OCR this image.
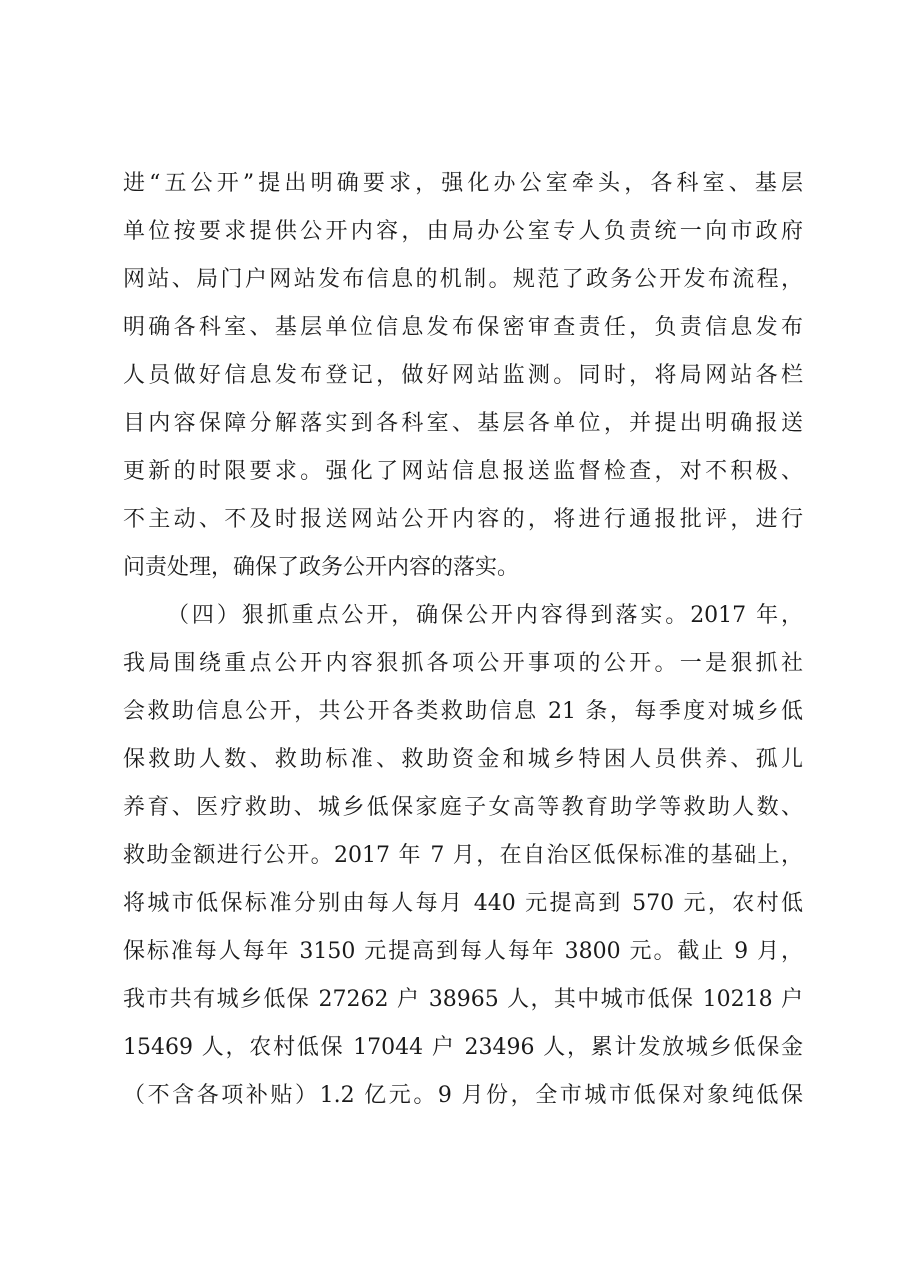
进“五公开”提出明确要求，强化办公室牵头，各科室、基层
单位按要求提供公开内容，由局办公室专人负责统一向市政府
网站、局门户网站发布信息的机制。规范了政务公开发布流程，
明确各科室、基层单位信息发布保密审查责任，负责信息发布
人员做好信息发布登记，做好网站监测。同时，将局网站各栏
目内容保障分解落实到各科室、基层各单位，并提出明确报送
更新的时限要求。强化了网站信息报送监督检查，对不积极、
不主动、不及时报送网站公开内容的，将进行通报批评，进行
问责处理，确保了政务公开内容的落实。
（四）狠抓重点公开，确保公开内容得到落实。2017 年，
我局围绕重点公开内容狠抓各项公开事项的公开。一是狠抓社
会救助信息公开，共公开各类救助信息 21 条，每季度对城乡低
保救助人数、救助标准、救助资金和城乡特困人员供养、孤儿
养育、医疗救助、城乡低保家庭子女高等教育助学等救助人数、
救助金额进行公开。2017 年 7 月，在自治区低保标准的基础上，
将城市低保标准分别由每人每月 440 元提高到 570 元，农村低
保标准每人每年 3150 元提高到每人每年 3800 元。截止 9 月，
我市共有城乡低保 27262 户 38965 人，其中城市低保 10218 户
15469 人，农村低保 17044 户 23496 人，累计发放城乡低保金
（不含各项补贴）1.2 亿元。9 月份，全市城市低保对象纯低保
